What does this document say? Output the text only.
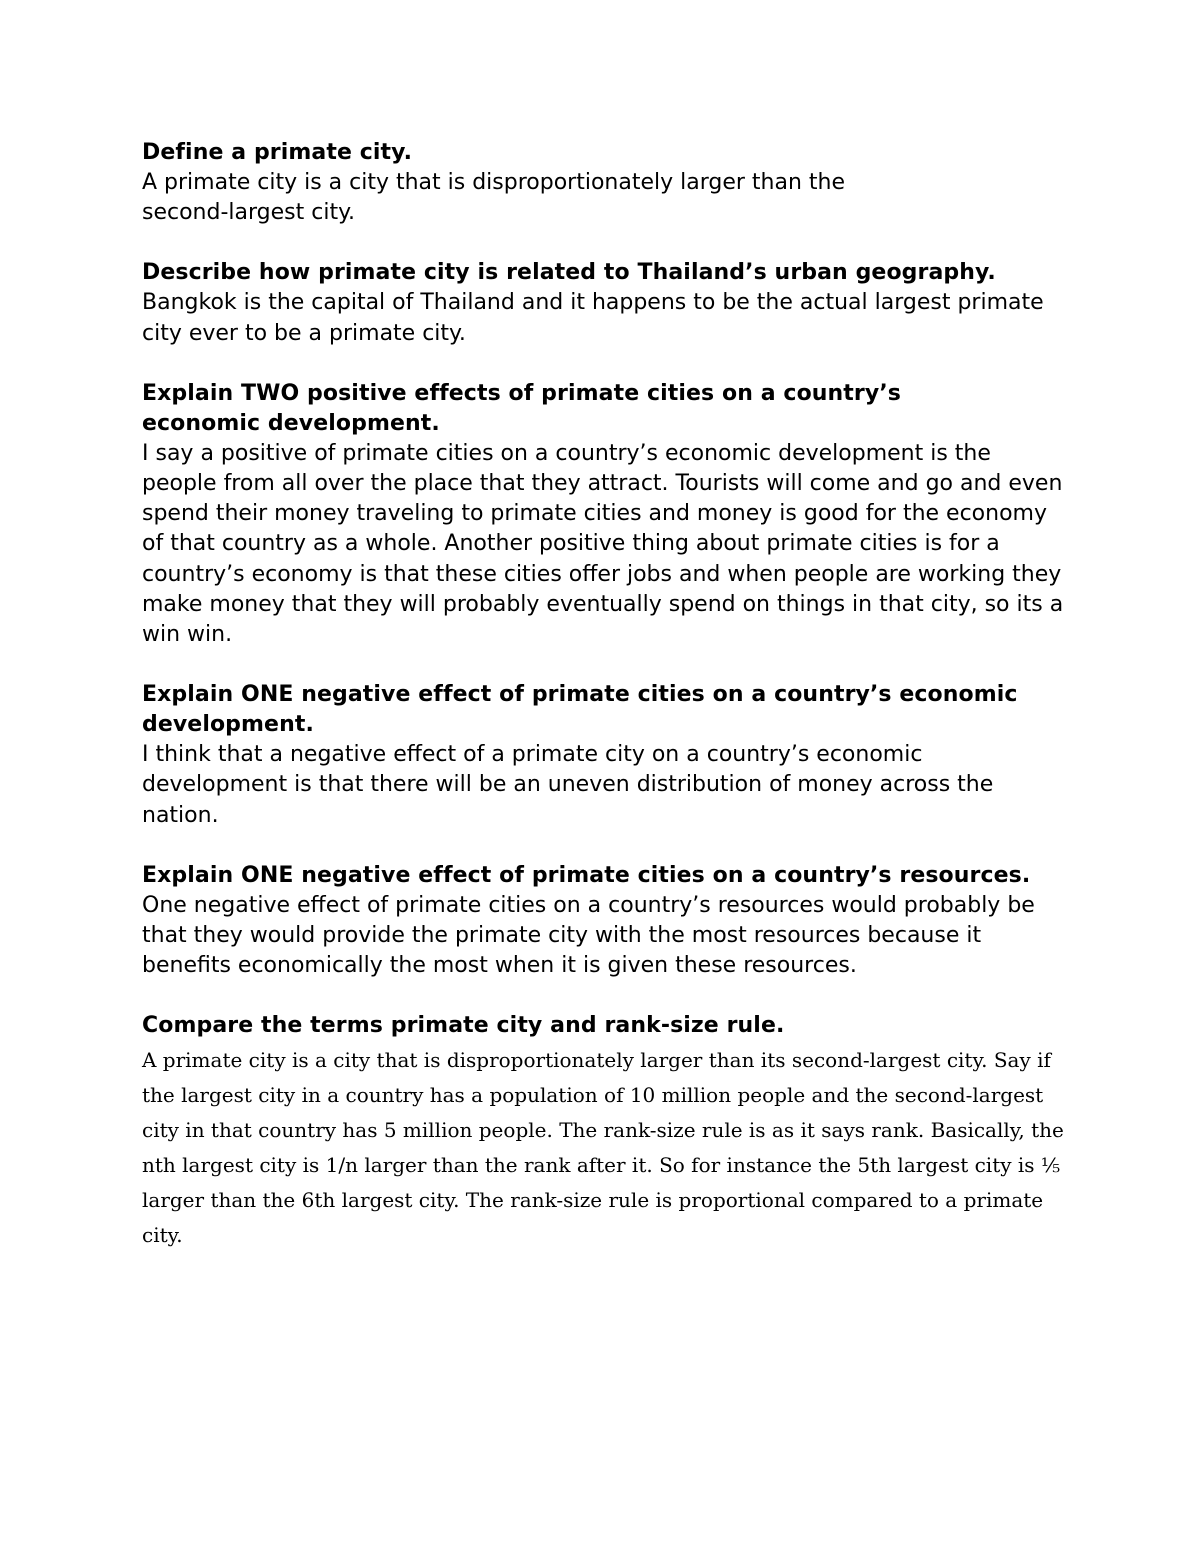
Define a primate city.

A primate city is a city that is disproportionately larger than the second-largest city.

Describe how primate city is related to Thailand’s urban geography.

Bangkok is the capital of Thailand and it happens to be the actual largest primate city ever to be a primate city.

Explain TWO positive effects of primate cities on a country’s economic development.

I say a positive of primate cities on a country’s economic development is the people from all over the place that they attract. Tourists will come and go and even spend their money traveling to primate cities and money is good for the economy of that country as a whole. Another positive thing about primate cities is for a country’s economy is that these cities offer jobs and when people are working they make money that they will probably eventually spend on things in that city, so its a win win.

Explain ONE negative effect of primate cities on a country’s economic development.

I think that a negative effect of a primate city on a country’s economic development is that there will be an uneven distribution of money across the nation.

Explain ONE negative effect of primate cities on a country’s resources.

One negative effect of primate cities on a country’s resources would probably be that they would provide the primate city with the most resources because it benefits economically the most when it is given these resources.

Compare the terms primate city and rank-size rule.

A primate city is a city that is disproportionately larger than its second-largest city. Say if the largest city in a country has a population of 10 million people and the second-largest city in that country has 5 million people. The rank-size rule is as it says rank. Basically, the nth largest city is 1/n larger than the rank after it. So for instance the 5th largest city is ⅕ larger than the 6th largest city. The rank-size rule is proportional compared to a primate city.
